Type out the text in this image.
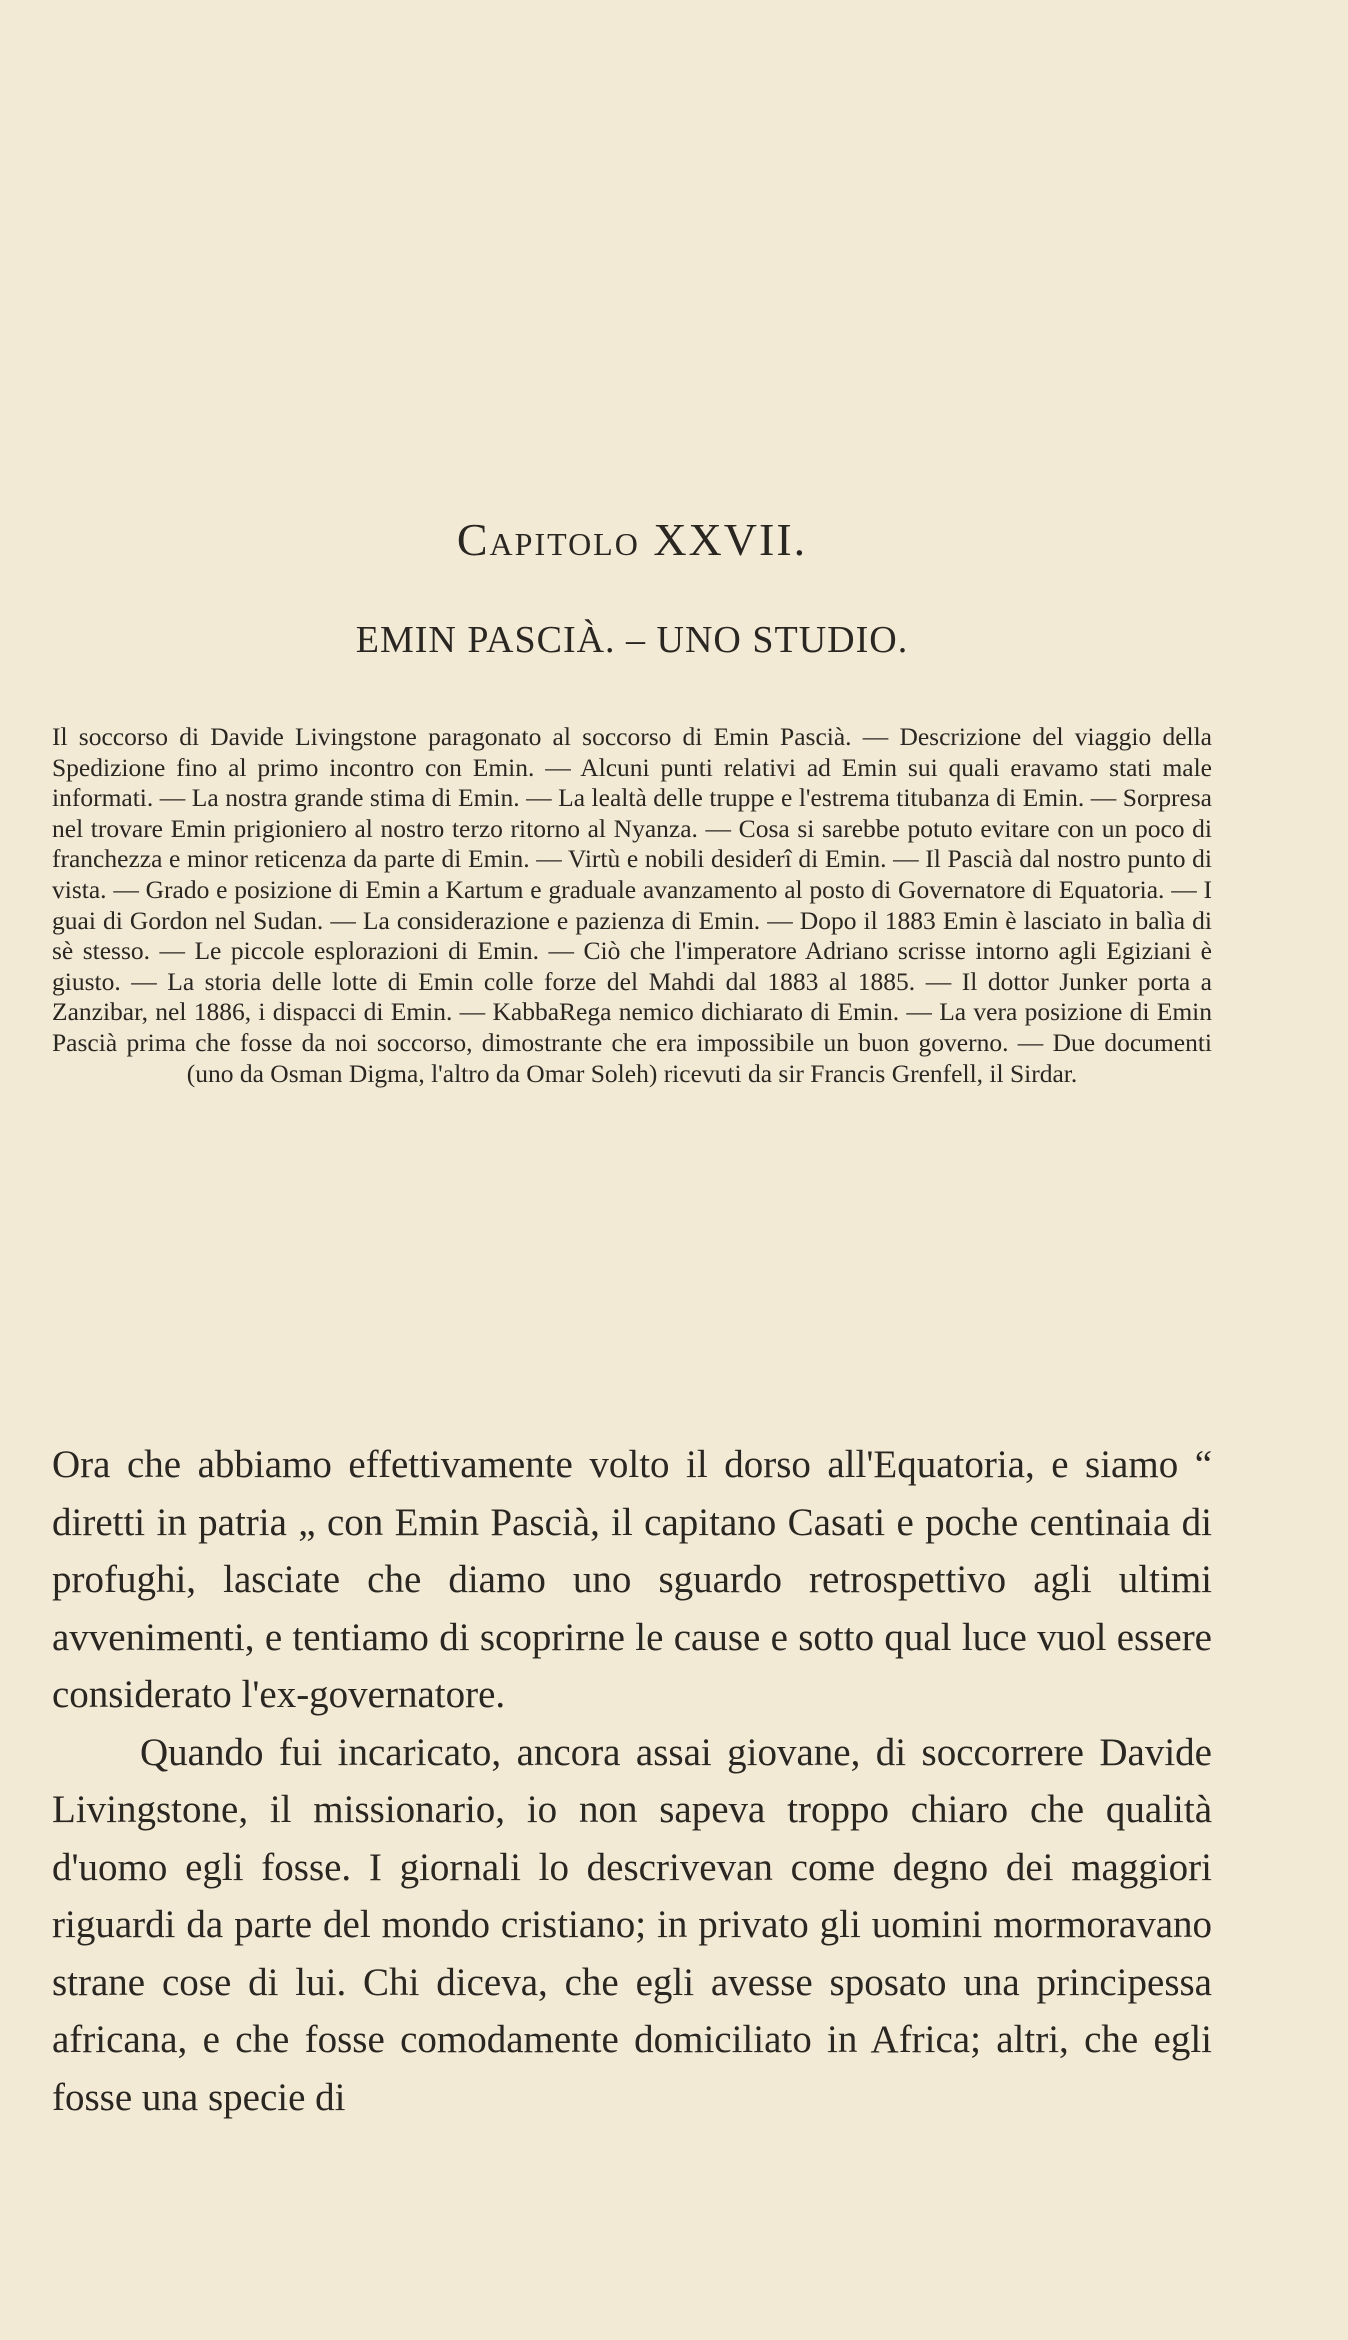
Capitolo XXVII.
EMIN PASCIÀ. – UNO STUDIO.
Il soccorso di Davide Livingstone paragonato al soccorso di Emin Pascià. — Descrizione del viaggio della Spedizione fino al primo incontro con Emin. — Alcuni punti relativi ad Emin sui quali eravamo stati male informati. — La nostra grande stima di Emin. — La lealtà delle truppe e l'estrema titubanza di Emin. — Sorpresa nel trovare Emin prigioniero al nostro terzo ritorno al Nyanza. — Cosa si sarebbe potuto evitare con un poco di franchezza e minor reticenza da parte di Emin. — Virtù e nobili desiderî di Emin. — Il Pascià dal nostro punto di vista. — Grado e posizione di Emin a Kartum e graduale avanzamento al posto di Governatore di Equatoria. — I guai di Gordon nel Sudan. — La considerazione e pazienza di Emin. — Dopo il 1883 Emin è lasciato in balìa di sè stesso. — Le piccole esplorazioni di Emin. — Ciò che l'imperatore Adriano scrisse intorno agli Egiziani è giusto. — La storia delle lotte di Emin colle forze del Mahdi dal 1883 al 1885. — Il dottor Junker porta a Zanzibar, nel 1886, i dispacci di Emin. — KabbaRega nemico dichiarato di Emin. — La vera posizione di Emin Pascià prima che fosse da noi soccorso, dimostrante che era impossibile un buon governo. — Due documenti (uno da Osman Digma, l'altro da Omar Soleh) ricevuti da sir Francis Grenfell, il Sirdar.

Ora che abbiamo effettivamente volto il dorso all'Equatoria, e siamo “ diretti in patria „ con Emin Pascià, il capitano Casati e poche centinaia di profughi, lasciate che diamo uno sguardo retrospettivo agli ultimi avvenimenti, e tentiamo di scoprirne le cause e sotto qual luce vuol essere considerato l'ex-governatore.

Quando fui incaricato, ancora assai giovane, di soccorrere Davide Livingstone, il missionario, io non sapeva troppo chiaro che qualità d'uomo egli fosse. I giornali lo descrivevan come degno dei maggiori riguardi da parte del mondo cristiano; in privato gli uomini mormoravano strane cose di lui. Chi diceva, che egli avesse sposato una principessa africana, e che fosse comodamente domiciliato in Africa; altri, che egli fosse una specie di
